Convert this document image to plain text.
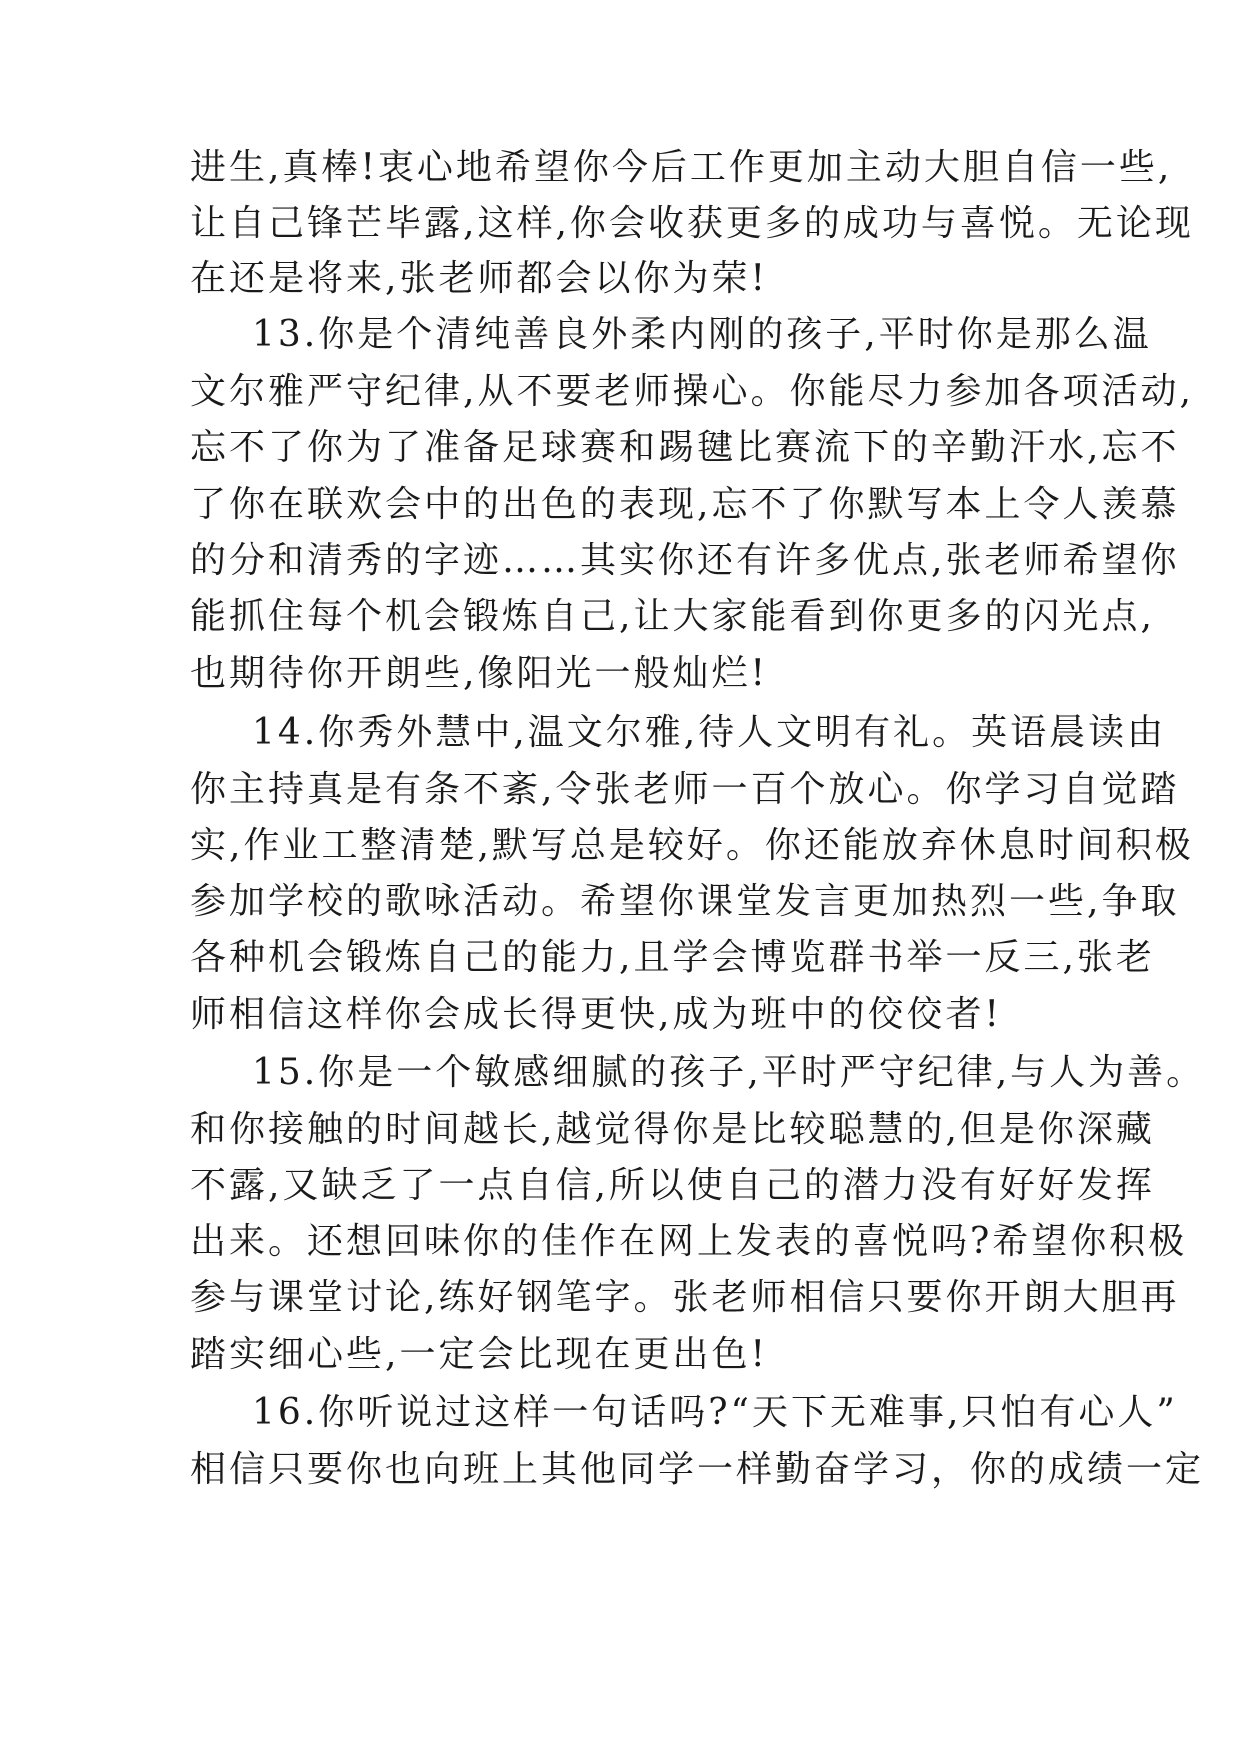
进生,真棒!衷心地希望你今后工作更加主动大胆自信一些,
让自己锋芒毕露,这样,你会收获更多的成功与喜悦。无论现
在还是将来,张老师都会以你为荣!
13.你是个清纯善良外柔内刚的孩子,平时你是那么温
文尔雅严守纪律,从不要老师操心。你能尽力参加各项活动,
忘不了你为了准备足球赛和踢毽比赛流下的辛勤汗水,忘不
了你在联欢会中的出色的表现,忘不了你默写本上令人羡慕
的分和清秀的字迹……其实你还有许多优点,张老师希望你
能抓住每个机会锻炼自己,让大家能看到你更多的闪光点,
也期待你开朗些,像阳光一般灿烂!
14.你秀外慧中,温文尔雅,待人文明有礼。英语晨读由
你主持真是有条不紊,令张老师一百个放心。你学习自觉踏
实,作业工整清楚,默写总是较好。你还能放弃休息时间积极
参加学校的歌咏活动。希望你课堂发言更加热烈一些,争取
各种机会锻炼自己的能力,且学会博览群书举一反三,张老
师相信这样你会成长得更快,成为班中的佼佼者!
15.你是一个敏感细腻的孩子,平时严守纪律,与人为善。
和你接触的时间越长,越觉得你是比较聪慧的,但是你深藏
不露,又缺乏了一点自信,所以使自己的潜力没有好好发挥
出来。还想回味你的佳作在网上发表的喜悦吗?希望你积极
参与课堂讨论,练好钢笔字。张老师相信只要你开朗大胆再
踏实细心些,一定会比现在更出色!
16.你听说过这样一句话吗?“天下无难事,只怕有心人”
相信只要你也向班上其他同学一样勤奋学习，你的成绩一定
